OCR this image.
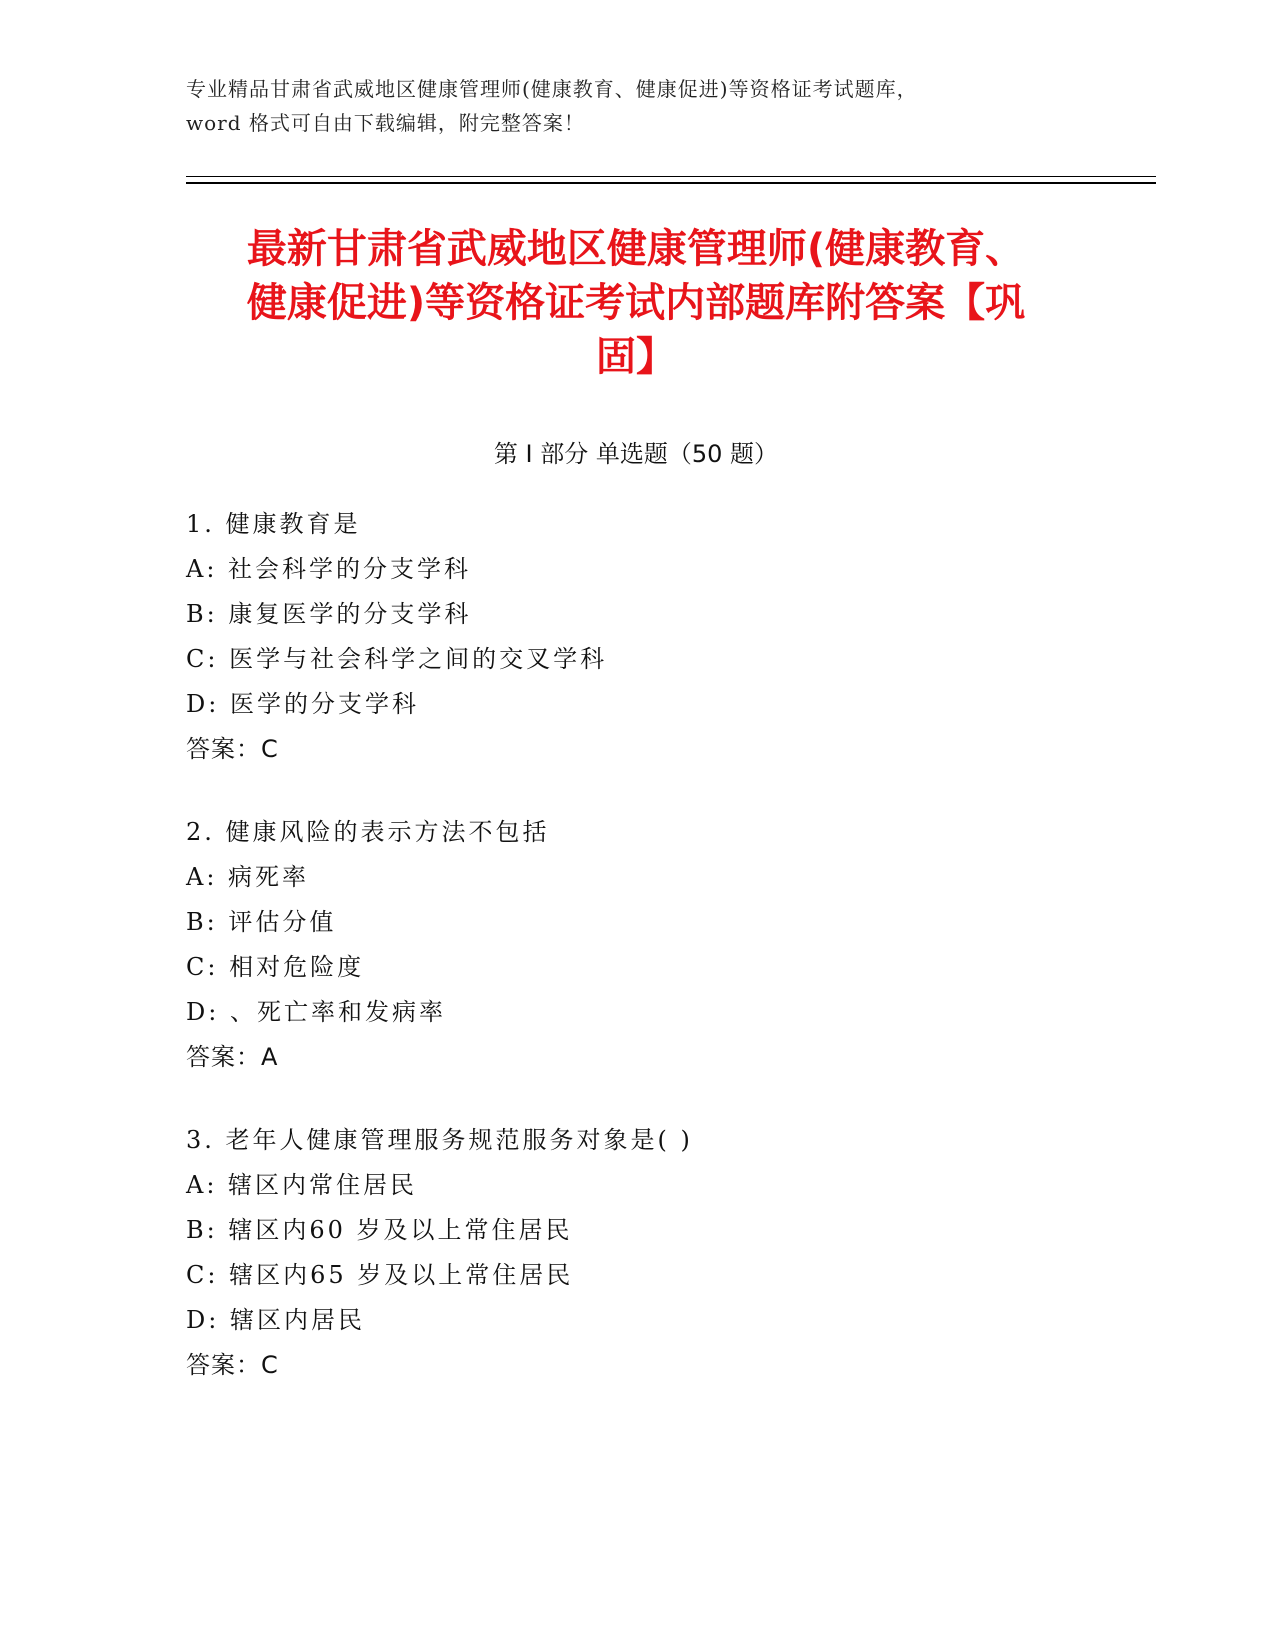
专业精品甘肃省武威地区健康管理师(健康教育、健康促进)等资格证考试题库，
word 格式可自由下载编辑，附完整答案！
最新甘肃省武威地区健康管理师(健康教育、
健康促进)等资格证考试内部题库附答案【巩
固】
第 I 部分 单选题（50 题）
1. 健康教育是
A: 社会科学的分支学科
B: 康复医学的分支学科
C: 医学与社会科学之间的交叉学科
D: 医学的分支学科
答案：C
2. 健康风险的表示方法不包括
A: 病死率
B: 评估分值
C: 相对危险度
D: 、死亡率和发病率
答案：A
3. 老年人健康管理服务规范服务对象是( )
A: 辖区内常住居民
B: 辖区内60 岁及以上常住居民
C: 辖区内65 岁及以上常住居民
D: 辖区内居民
答案：C
